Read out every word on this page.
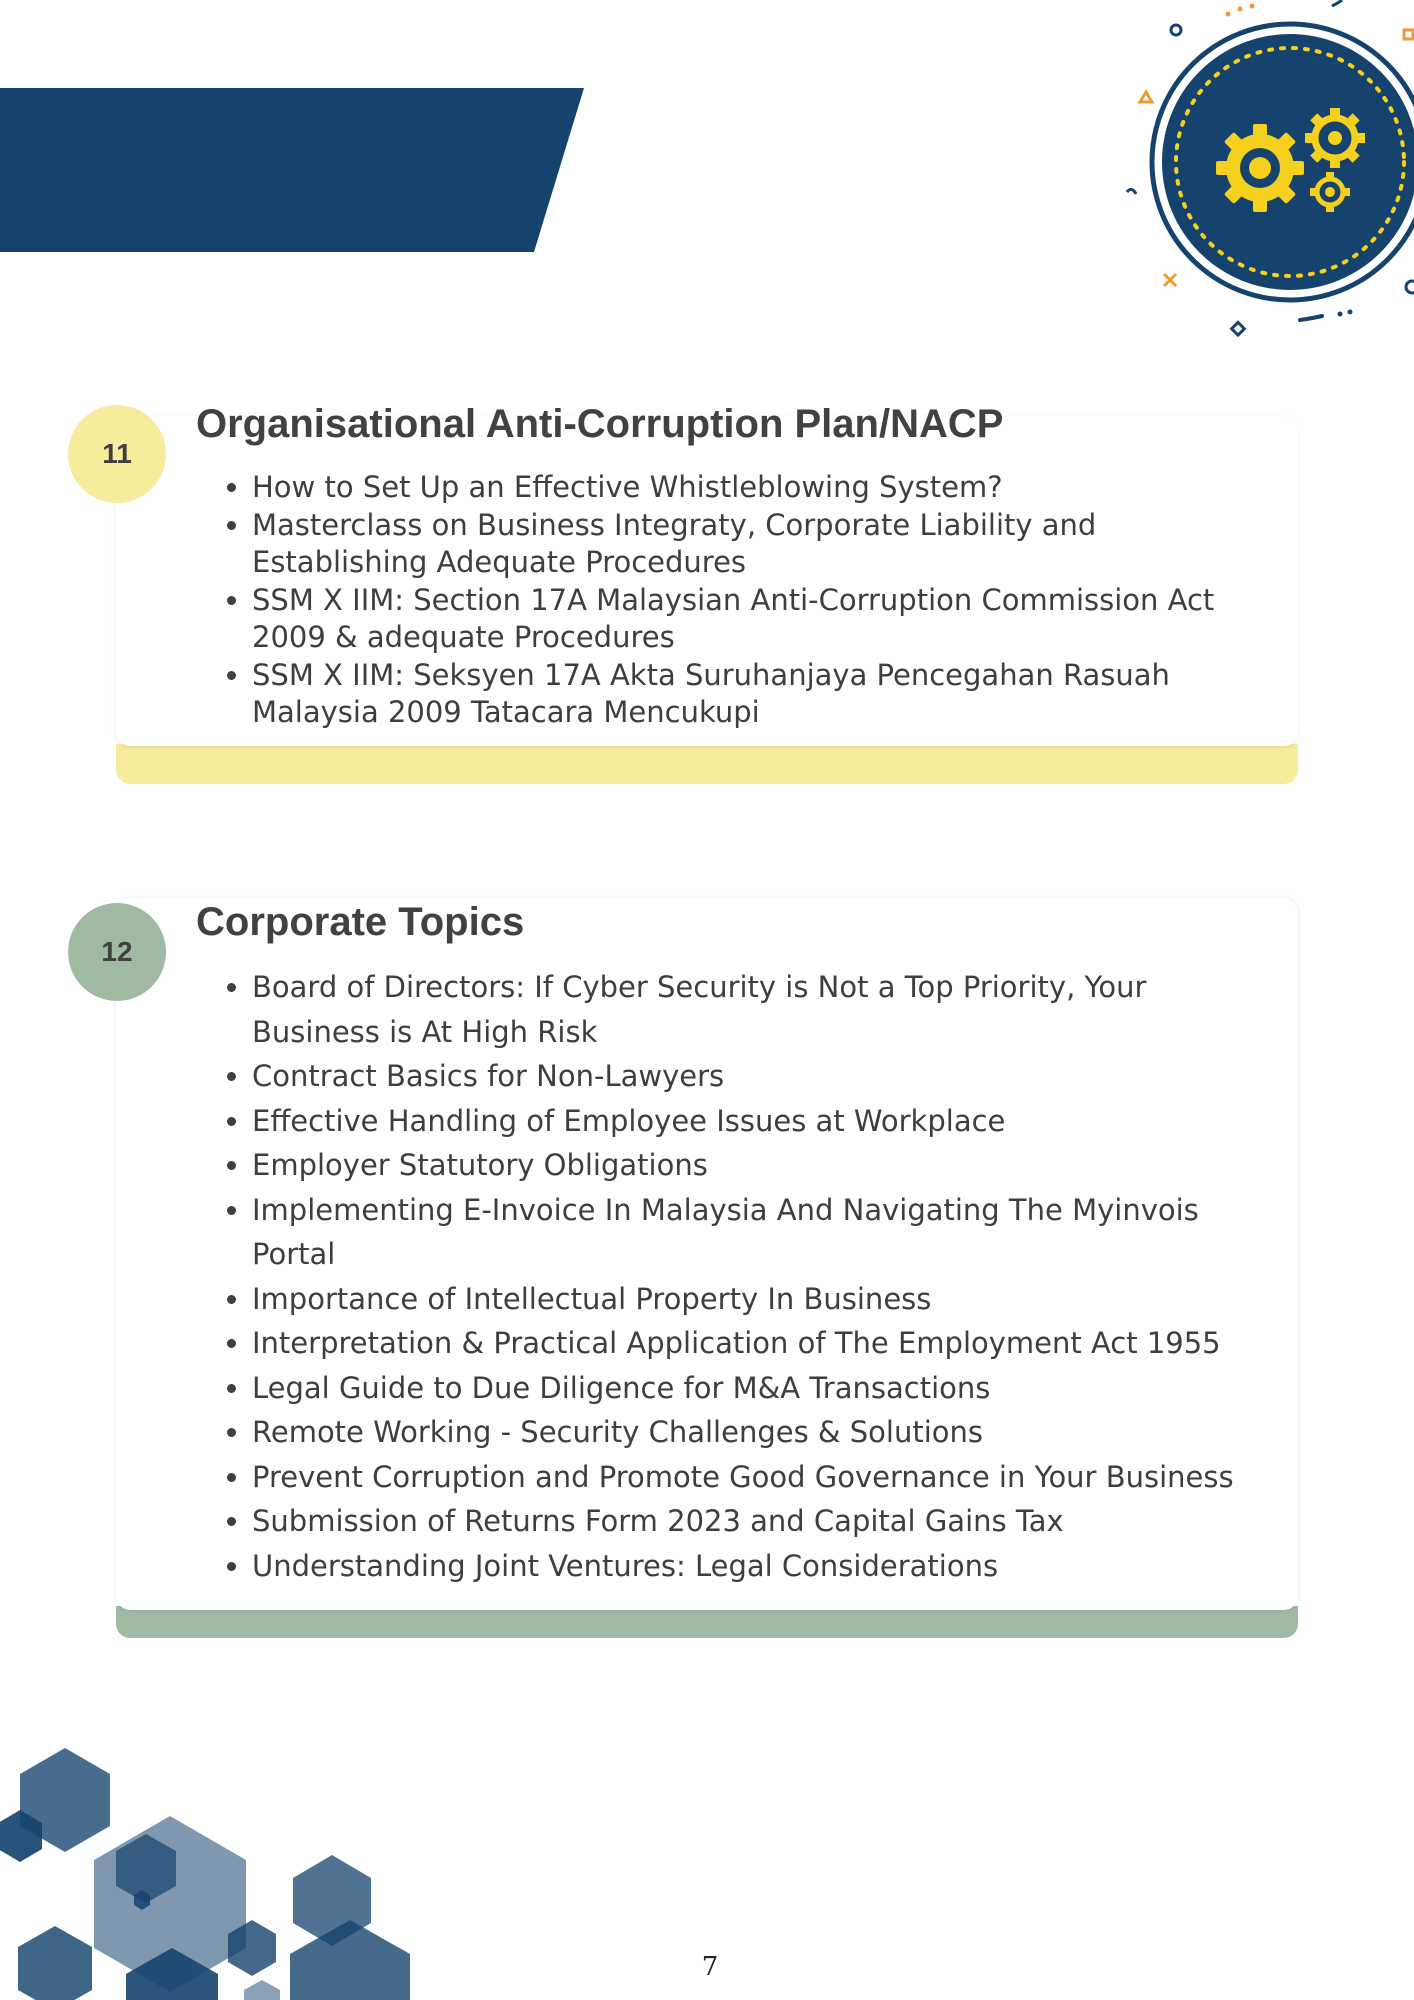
11
Organisational Anti-Corruption Plan/NACP
• How to Set Up an Effective Whistleblowing System?
• Masterclass on Business Integraty, Corporate Liability and Establishing Adequate Procedures
• SSM X IIM: Section 17A Malaysian Anti-Corruption Commission Act 2009 & adequate Procedures
• SSM X IIM: Seksyen 17A Akta Suruhanjaya Pencegahan Rasuah Malaysia 2009 Tatacara Mencukupi
12
Corporate Topics
• Board of Directors: If Cyber Security is Not a Top Priority, Your Business is At High Risk
• Contract Basics for Non-Lawyers
• Effective Handling of Employee Issues at Workplace
• Employer Statutory Obligations
• Implementing E-Invoice In Malaysia And Navigating The Myinvois Portal
• Importance of Intellectual Property In Business
• Interpretation & Practical Application of The Employment Act 1955
• Legal Guide to Due Diligence for M&A Transactions
• Remote Working - Security Challenges & Solutions
• Prevent Corruption and Promote Good Governance in Your Business
• Submission of Returns Form 2023 and Capital Gains Tax
• Understanding Joint Ventures: Legal Considerations
7
